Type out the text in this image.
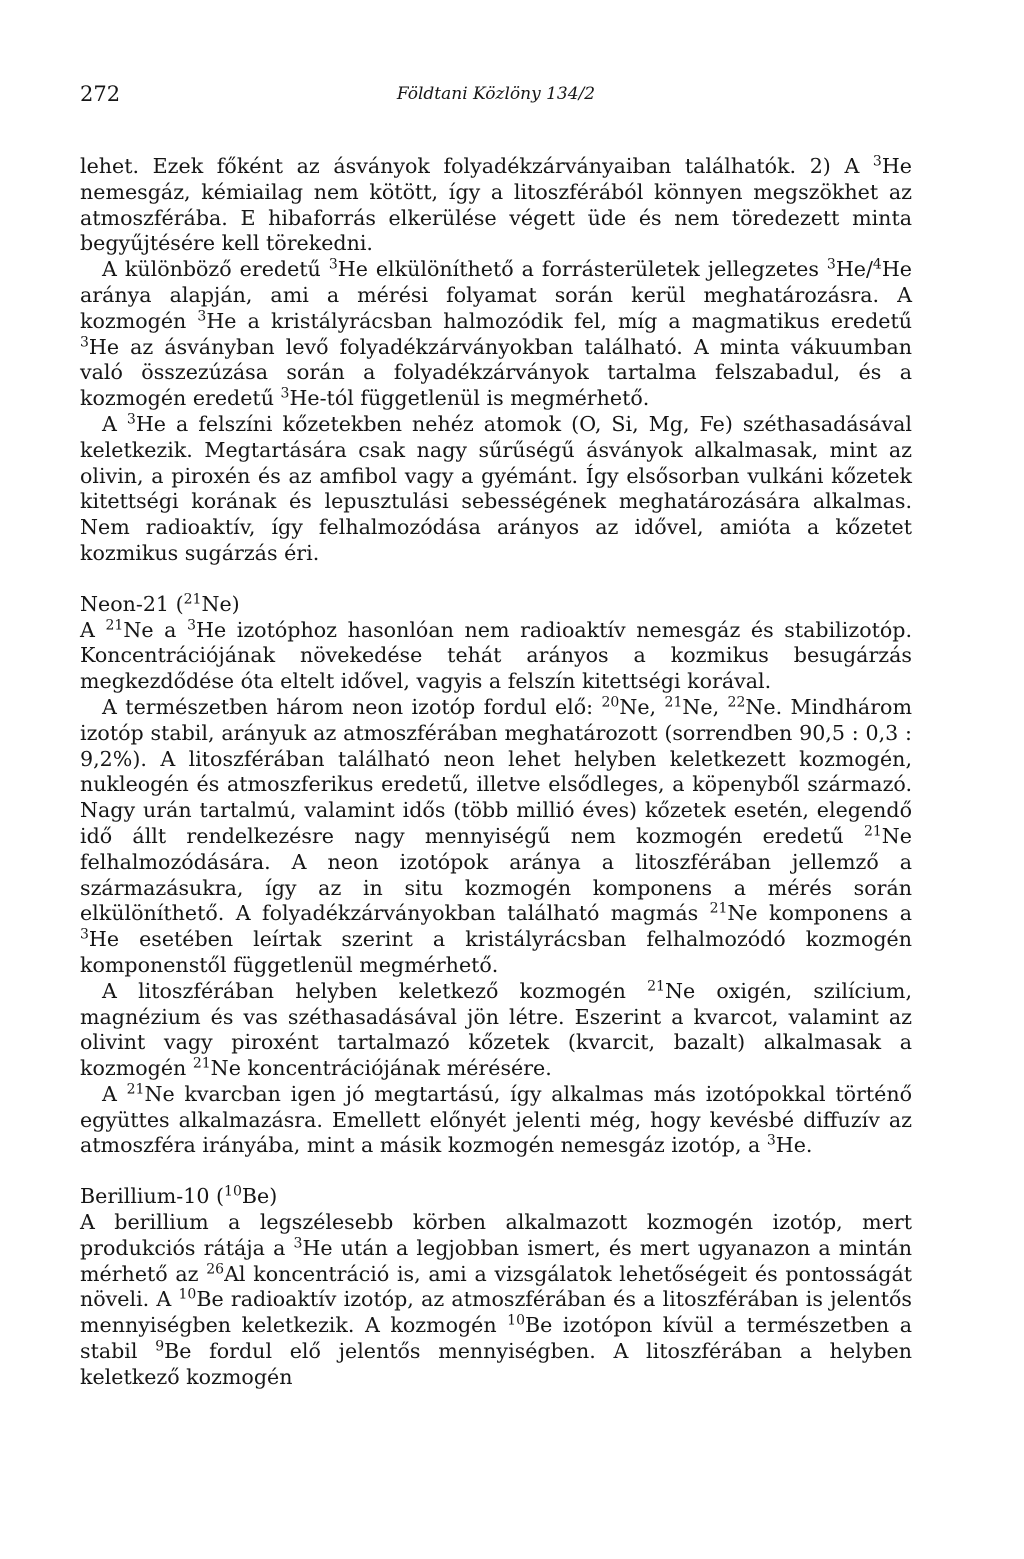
272	Földtani Közlöny 134/2

lehet. Ezek főként az ásványok folyadékzárványaiban találhatók. 2) A $^3$He nemesgáz, kémiailag nem kötött, így a litoszférából könnyen megszökhet az atmoszférába. E hibaforrás elkerülése végett üde és nem töredezett minta begyűjtésére kell törekedni.

A különböző eredetű $^3$He elkülöníthető a forrásterületek jellegzetes $^3$He/$^4$He aránya alapján, ami a mérési folyamat során kerül meghatározásra. A kozmogén $^3$He a kristályrácsban halmozódik fel, míg a magmatikus eredetű $^3$He az ásványban levő folyadékzárványokban található. A minta vákuumban való összezúzása során a folyadékzárványok tartalma felszabadul, és a kozmogén eredetű $^3$He-tól függetlenül is megmérhető.

A $^3$He a felszíni kőzetekben nehéz atomok (O, Si, Mg, Fe) széthasadásával keletkezik. Megtartására csak nagy sűrűségű ásványok alkalmasak, mint az olivin, a piroxén és az amfibol vagy a gyémánt. Így elsősorban vulkáni kőzetek kitettségi korának és lepusztulási sebességének meghatározására alkalmas. Nem radioaktív, így felhalmozódása arányos az idővel, amióta a kőzetet kozmikus sugárzás éri.

Neon-21 ($^{21}$Ne)

A $^{21}$Ne a $^3$He izotóphoz hasonlóan nem radioaktív nemesgáz és stabilizotóp. Koncentrációjának növekedése tehát arányos a kozmikus besugárzás megkezdődése óta eltelt idővel, vagyis a felszín kitettségi korával.

A természetben három neon izotóp fordul elő: $^{20}$Ne, $^{21}$Ne, $^{22}$Ne. Mindhárom izotóp stabil, arányuk az atmoszférában meghatározott (sorrendben 90,5 : 0,3 : 9,2%). A litoszférában található neon lehet helyben keletkezett kozmogén, nukleogén és atmoszferikus eredetű, illetve elsődleges, a köpenyből származó. Nagy urán tartalmú, valamint idős (több millió éves) kőzetek esetén, elegendő idő állt rendelkezésre nagy mennyiségű nem kozmogén eredetű $^{21}$Ne felhalmozódására. A neon izotópok aránya a litoszférában jellemző a származásukra, így az in situ kozmogén komponens a mérés során elkülöníthető. A folyadékzárványokban található magmás $^{21}$Ne komponens a $^3$He esetében leírtak szerint a kristályrácsban felhalmozódó kozmogén komponenstől függetlenül megmérhető.

A litoszférában helyben keletkező kozmogén $^{21}$Ne oxigén, szilícium, magnézium és vas széthasadásával jön létre. Eszerint a kvarcot, valamint az olivint vagy piroxént tartalmazó kőzetek (kvarcit, bazalt) alkalmasak a kozmogén $^{21}$Ne koncentrációjának mérésére.

A $^{21}$Ne kvarcban igen jó megtartású, így alkalmas más izotópokkal történő együttes alkalmazásra. Emellett előnyét jelenti még, hogy kevésbé diffuzív az atmoszféra irányába, mint a másik kozmogén nemesgáz izotóp, a $^3$He.

Berillium-10 ($^{10}$Be)

A berillium a legszélesebb körben alkalmazott kozmogén izotóp, mert produkciós rátája a $^3$He után a legjobban ismert, és mert ugyanazon a mintán mérhető az $^{26}$Al koncentráció is, ami a vizsgálatok lehetőségeit és pontosságát növeli. A $^{10}$Be radioaktív izotóp, az atmoszférában és a litoszférában is jelentős mennyiségben keletkezik. A kozmogén $^{10}$Be izotópon kívül a természetben a stabil $^9$Be fordul elő jelentős mennyiségben. A litoszférában a helyben keletkező kozmogén
